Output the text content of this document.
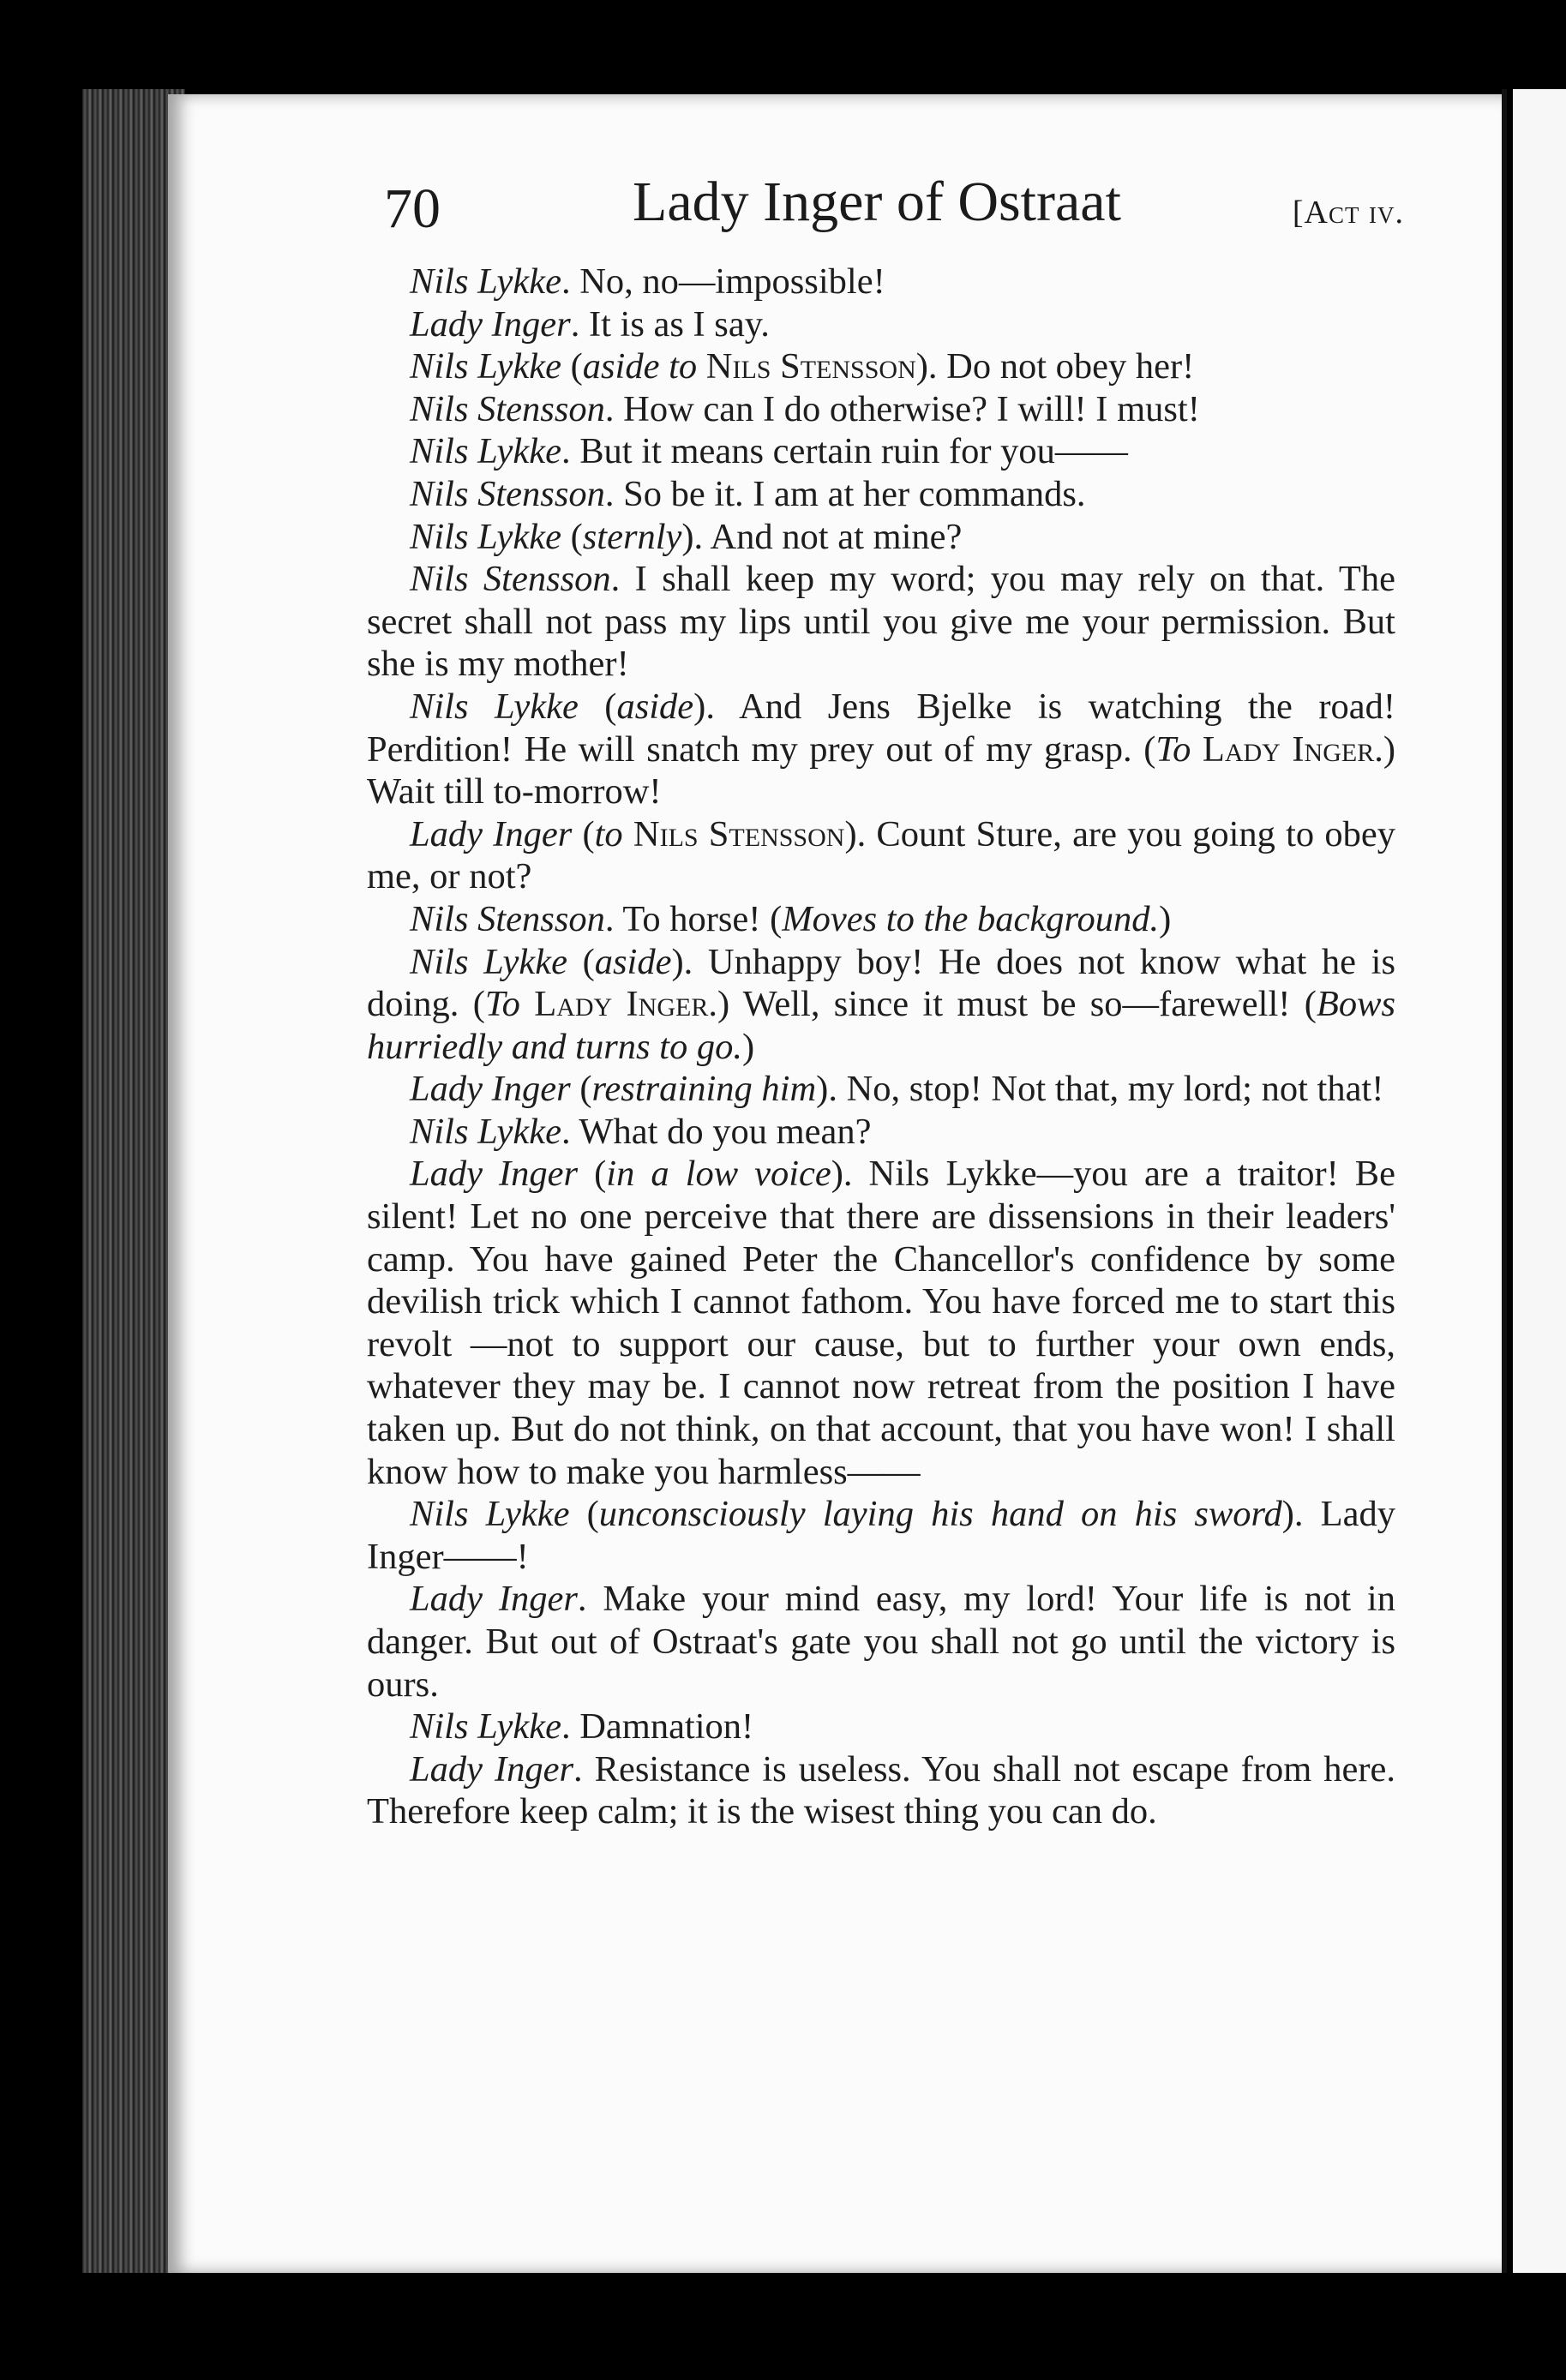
70	Lady Inger of Ostraat	[Act iv.

Nils Lykke. No, no—impossible!

Lady Inger. It is as I say.

Nils Lykke (aside to Nils Stensson). Do not obey her!

Nils Stensson. How can I do otherwise? I will! I must!

Nils Lykke. But it means certain ruin for you——

Nils Stensson. So be it. I am at her commands.

Nils Lykke (sternly). And not at mine?

Nils Stensson. I shall keep my word; you may rely on that. The secret shall not pass my lips until you give me your permission. But she is my mother!

Nils Lykke (aside). And Jens Bjelke is watching the road! Perdition! He will snatch my prey out of my grasp. (To Lady Inger.) Wait till to-morrow!

Lady Inger (to Nils Stensson). Count Sture, are you going to obey me, or not?

Nils Stensson. To horse! (Moves to the background.)

Nils Lykke (aside). Unhappy boy! He does not know what he is doing. (To Lady Inger.) Well, since it must be so—farewell! (Bows hurriedly and turns to go.)

Lady Inger (restraining him). No, stop! Not that, my lord; not that!

Nils Lykke. What do you mean?

Lady Inger (in a low voice). Nils Lykke—you are a traitor! Be silent! Let no one perceive that there are dissensions in their leaders' camp. You have gained Peter the Chancellor's confidence by some devilish trick which I cannot fathom. You have forced me to start this revolt —not to support our cause, but to further your own ends, whatever they may be. I cannot now retreat from the position I have taken up. But do not think, on that account, that you have won! I shall know how to make you harmless——

Nils Lykke (unconsciously laying his hand on his sword). Lady Inger——!

Lady Inger. Make your mind easy, my lord! Your life is not in danger. But out of Ostraat's gate you shall not go until the victory is ours.

Nils Lykke. Damnation!

Lady Inger. Resistance is useless. You shall not escape from here. Therefore keep calm; it is the wisest thing you can do.
